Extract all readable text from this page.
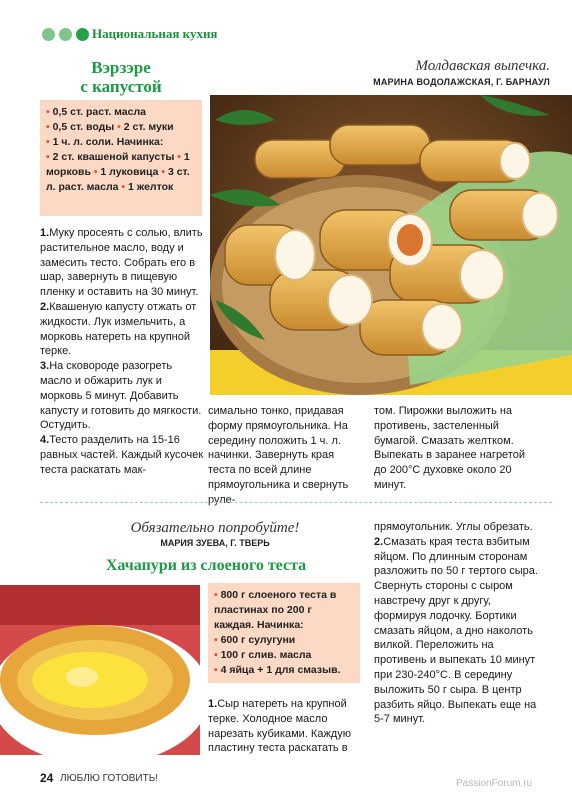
Национальная кухня
Вэрзэре
с капустой
Молдавская выпечка.
МАРИНА ВОДОЛАЖСКАЯ, Г. БАРНАУЛ
• 0,5 ст. раст. масла
• 0,5 ст. воды • 2 ст. муки
• 1 ч. л. соли. Начинка:
• 2 ст. квашеной капусты • 1 морковь • 1 луковица • 3 ст. л. раст. масла • 1 желток

1.Муку просеять с солью, влить растительное масло, воду и замесить тесто. Собрать его в шар, завернуть в пищевую пленку и оставить на 30 минут.

2.Квашеную капусту отжать от жидкости. Лук измельчить, а морковь натереть на крупной терке.

3.На сковороде разогреть масло и обжарить лук и морковь 5 минут. Добавить капусту и готовить до мягкости. Остудить.

4.Тесто разделить на 15-16 равных частей. Каждый кусочек теста раскатать мак-

симально тонко, придавая форму прямоугольника. На середину положить 1 ч. л. начинки. Завернуть края теста по всей длине прямоугольника и свернуть руле-
том. Пирожки выложить на противень, застеленный бумагой. Смазать желтком. Выпекать в заранее нагретой до 200°С духовке около 20 минут.
Обязательно попробуйте!
МАРИЯ ЗУЕВА, Г. ТВЕРЬ
Хачапури из слоеного теста
• 800 г слоеного теста в пластинах по 200 г каждая. Начинка:
• 600 г сулугуни
• 100 г слив. масла
• 4 яйца + 1 для смазыв.
1.Сыр натереть на крупной терке. Холодное масло нарезать кубиками. Каждую пластину теста раскатать в

прямоугольник. Углы обрезать.

2.Смазать края теста взбитым яйцом. По длинным сторонам разложить по 50 г тертого сыра. Свернуть стороны с сыром навстречу друг к другу, формируя лодочку. Бортики смазать яйцом, а дно наколоть вилкой. Переложить на противень и выпекать 10 минут при 230-240°С. В середину выложить 50 г сыра. В центр разбить яйцо. Выпекать еще на 5-7 минут.

24 ЛЮБЛЮ ГОТОВИТЬ!	PassionForum.ru
